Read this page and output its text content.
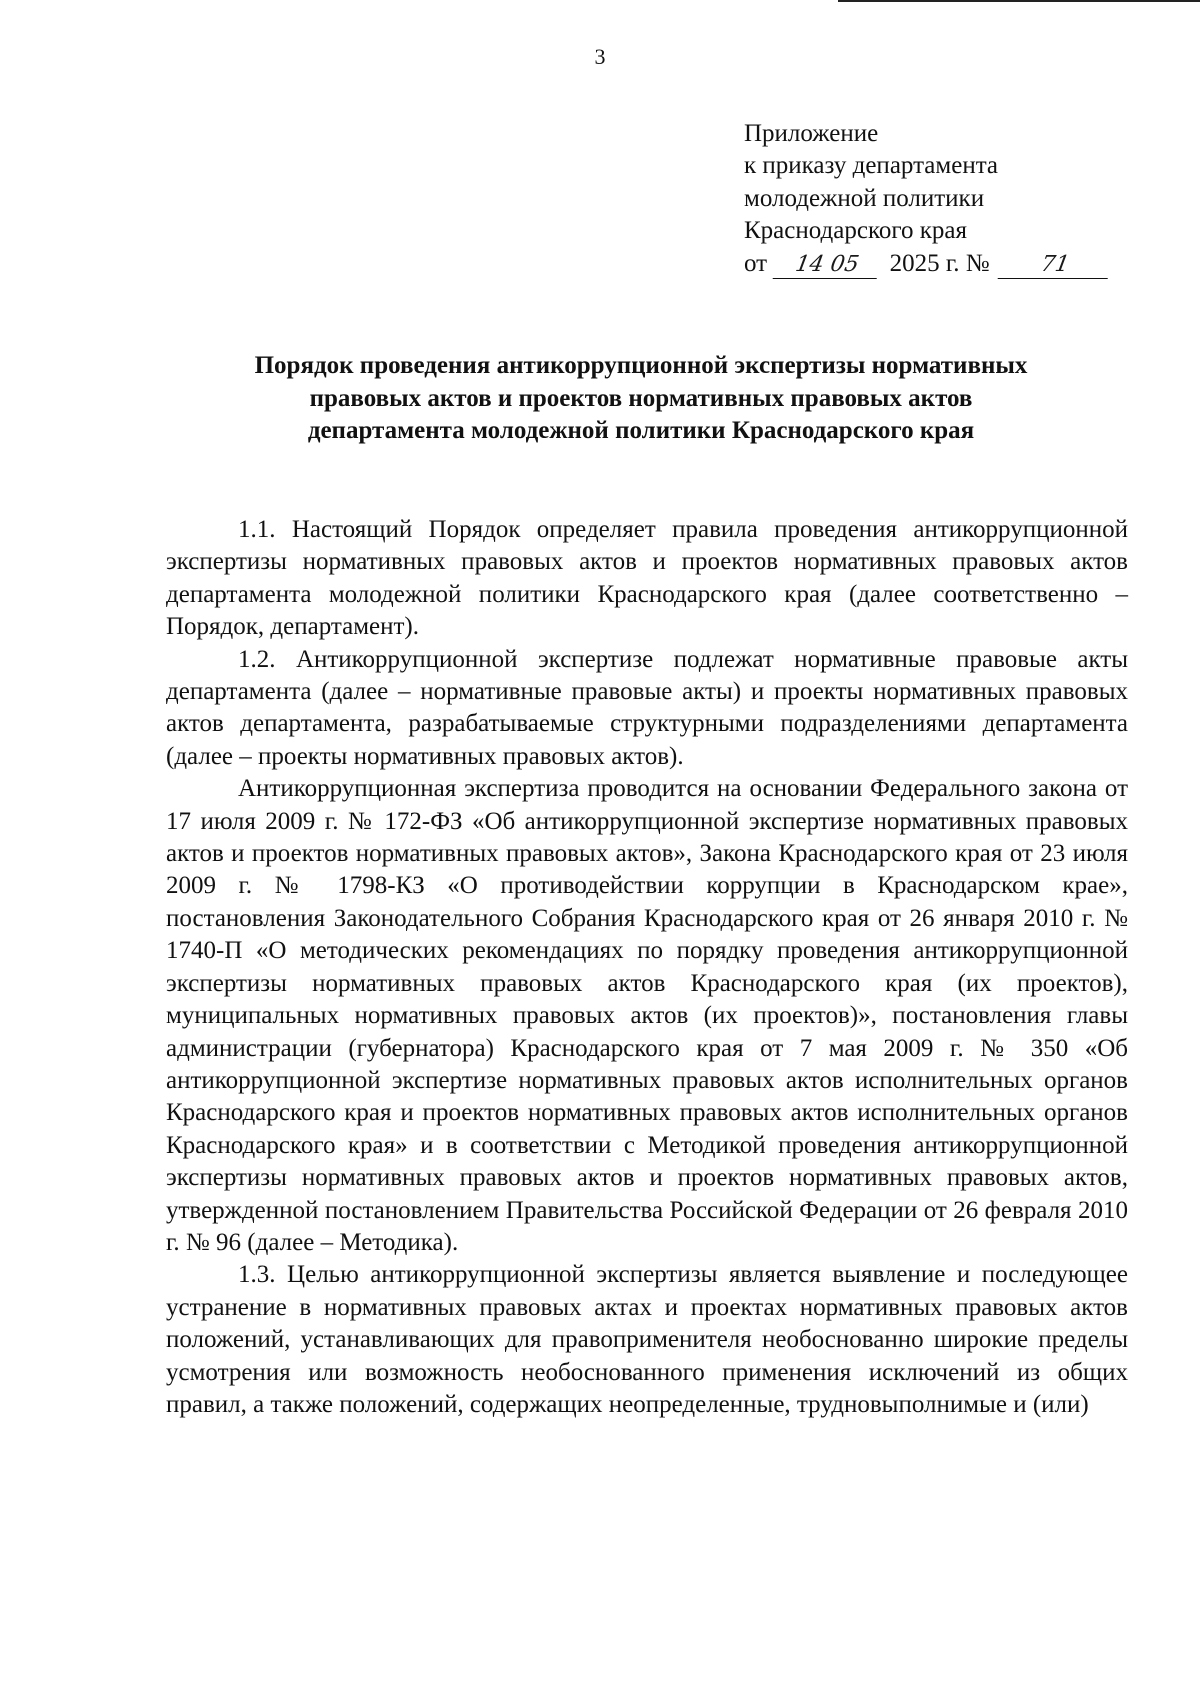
3
Приложение
к приказу департамента
молодежной политики
Краснодарского края
от 14 05 2025 г. № 71
Порядок проведения антикоррупционной экспертизы нормативных
правовых актов и проектов нормативных правовых актов
департамента молодежной политики Краснодарского края

1.1. Настоящий Порядок определяет правила проведения антикоррупционной экспертизы нормативных правовых актов и проектов нормативных правовых актов департамента молодежной политики Краснодарского края (далее соответственно – Порядок, департамент).

1.2. Антикоррупционной экспертизе подлежат нормативные правовые акты департамента (далее – нормативные правовые акты) и проекты нормативных правовых актов департамента, разрабатываемые структурными подразделениями департамента (далее – проекты нормативных правовых актов).

Антикоррупционная экспертиза проводится на основании Федерального закона от 17 июля 2009 г. № 172-ФЗ «Об антикоррупционной экспертизе нормативных правовых актов и проектов нормативных правовых актов», Закона Краснодарского края от 23 июля 2009 г. № 1798-КЗ «О противодействии коррупции в Краснодарском крае», постановления Законодательного Собрания Краснодарского края от 26 января 2010 г. № 1740-П «О методических рекомендациях по порядку проведения антикоррупционной экспертизы нормативных правовых актов Краснодарского края (их проектов), муниципальных нормативных правовых актов (их проектов)», постановления главы администрации (губернатора) Краснодарского края от 7 мая 2009 г. № 350 «Об антикоррупционной экспертизе нормативных правовых актов исполнительных органов Краснодарского края и проектов нормативных правовых актов исполнительных органов Краснодарского края» и в соответствии с Методикой проведения антикоррупционной экспертизы нормативных правовых актов и проектов нормативных правовых актов, утвержденной постановлением Правительства Российской Федерации от 26 февраля 2010 г. № 96 (далее – Методика).

1.3. Целью антикоррупционной экспертизы является выявление и последующее устранение в нормативных правовых актах и проектах нормативных правовых актов положений, устанавливающих для правоприменителя необоснованно широкие пределы усмотрения или возможность необоснованного применения исключений из общих правил, а также положений, содержащих неопределенные, трудновыполнимые и (или)
